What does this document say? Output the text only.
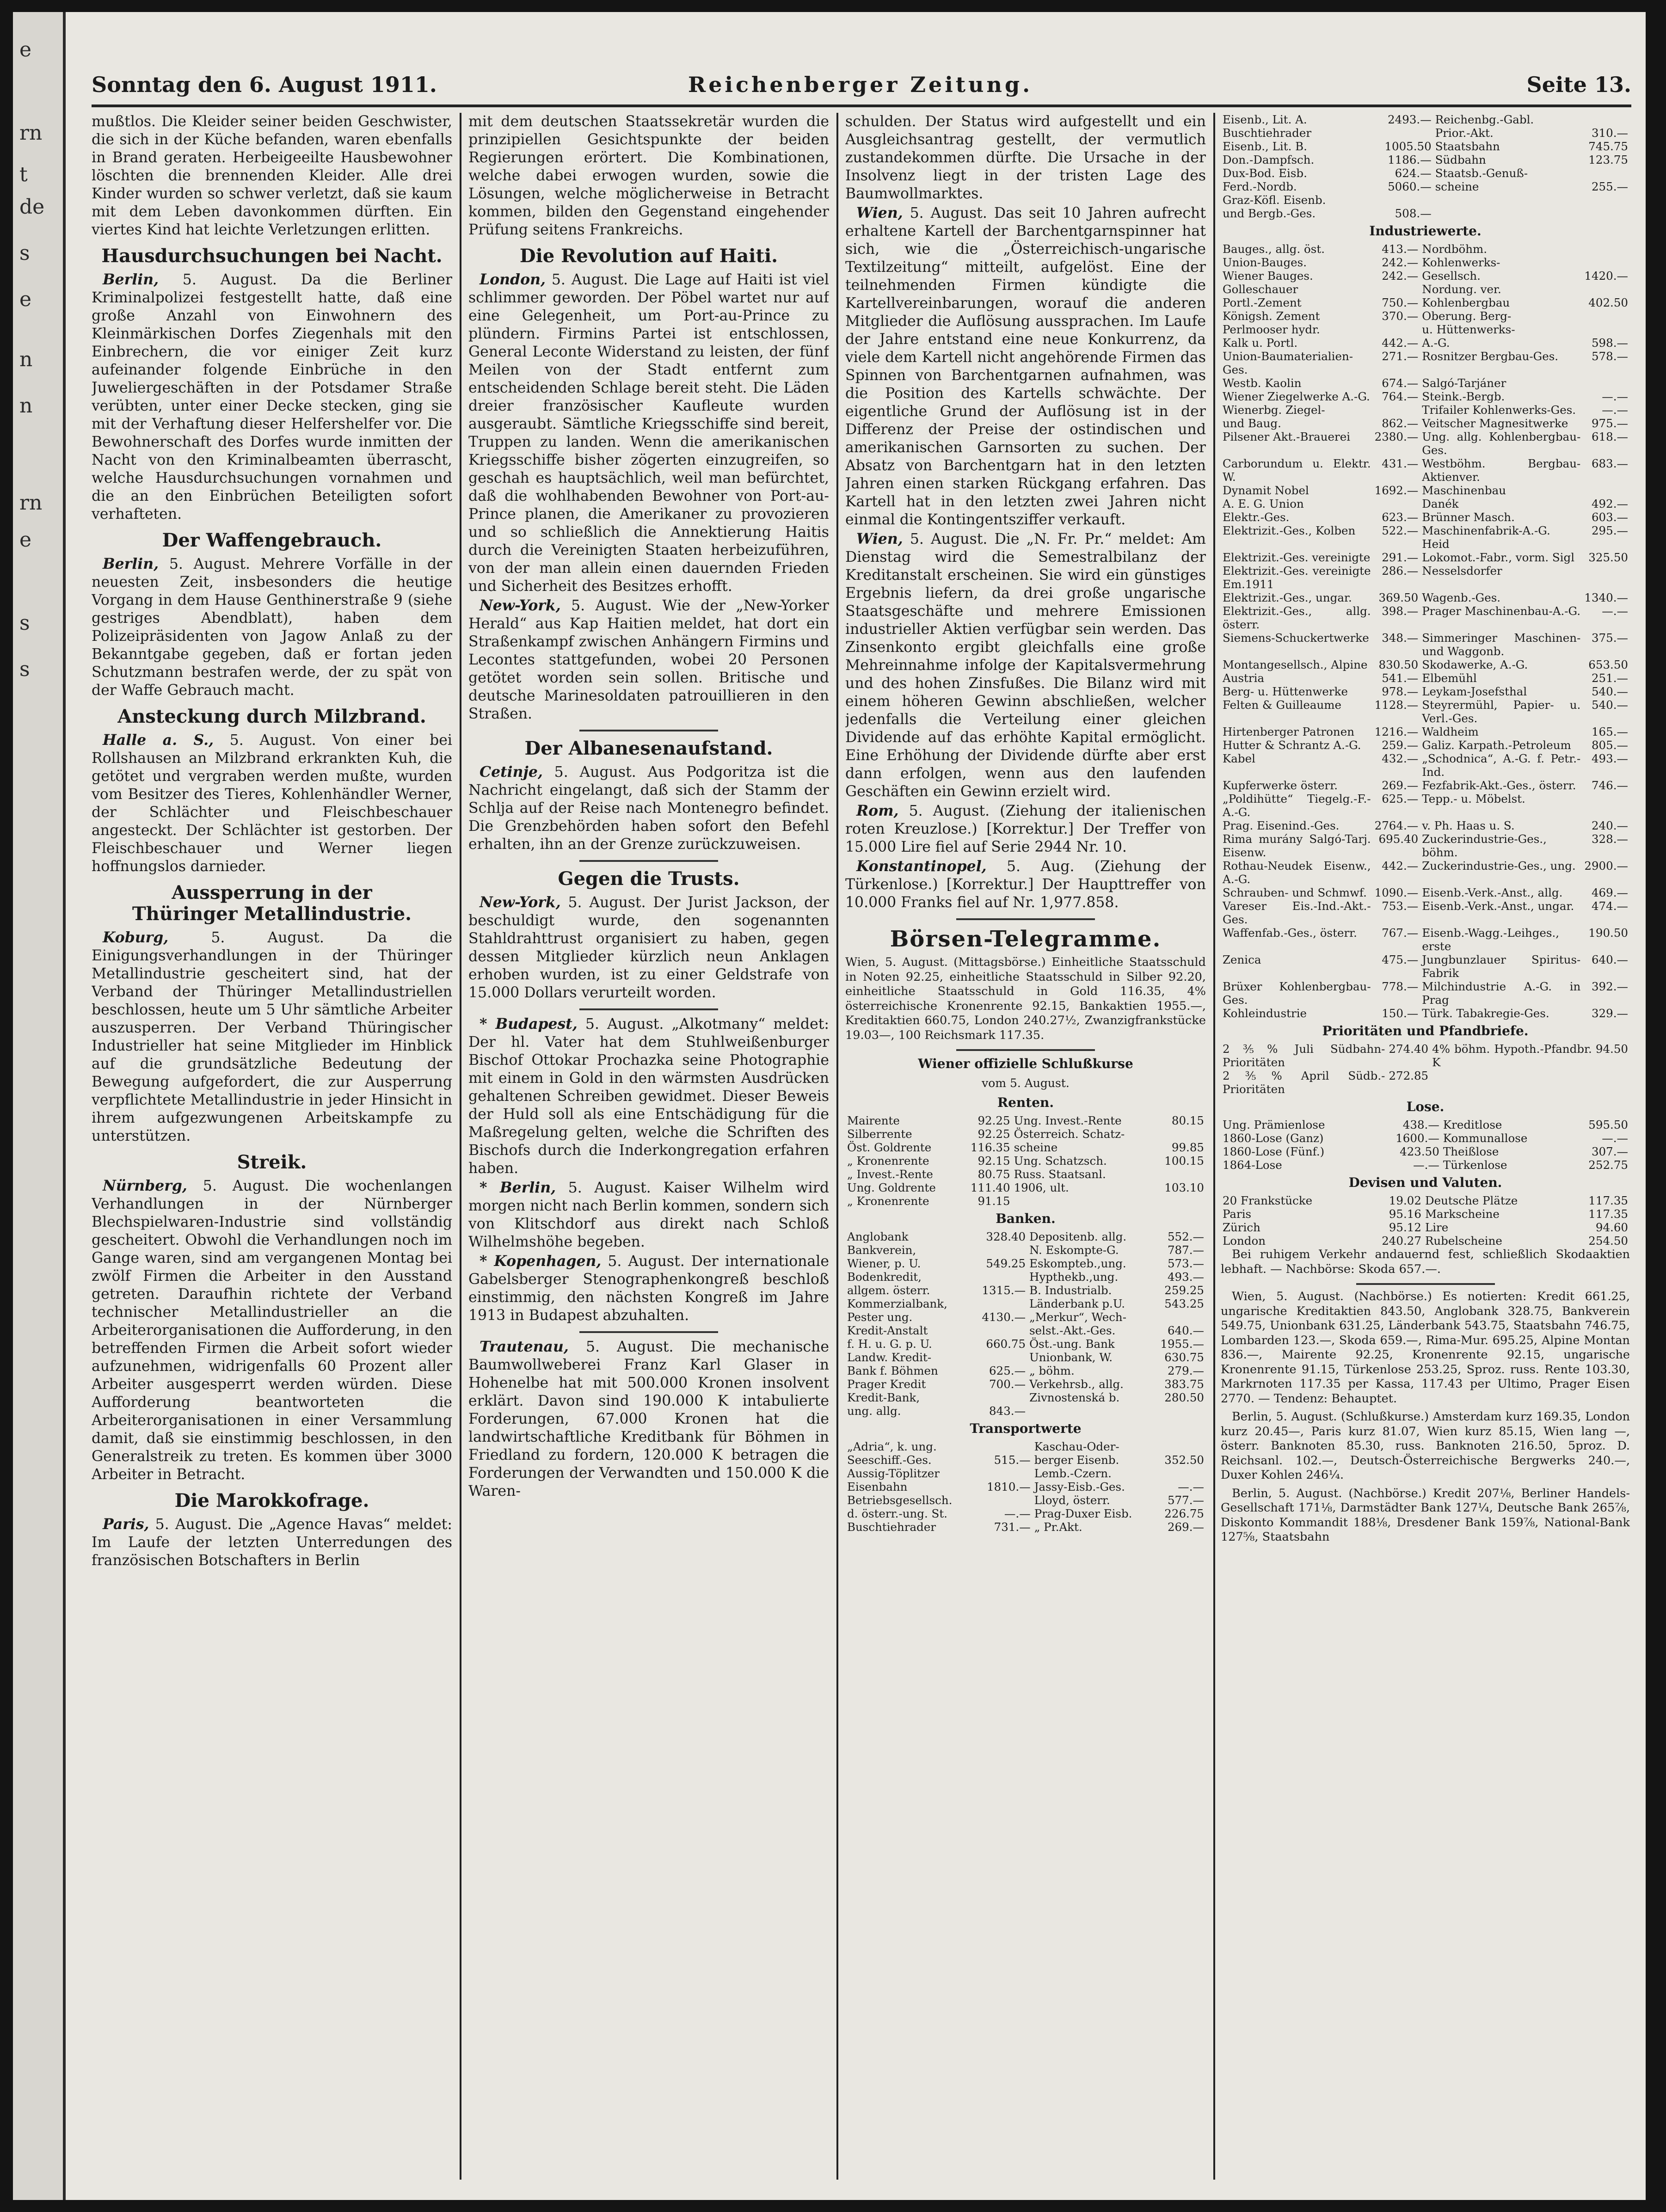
e
rn
t
de
s
e
rn
e
s
s
n
n
Sonntag den 6. August 1911.	Reichenberger Zeitung.	Seite 13.

mußtlos. Die Kleider seiner beiden Geschwister, die sich in der Küche befanden, waren ebenfalls in Brand geraten. Herbeigeeilte Hausbewohner löschten die brennenden Kleider. Alle drei Kinder wurden so schwer verletzt, daß sie kaum mit dem Leben davonkommen dürften. Ein viertes Kind hat leichte Verletzungen erlitten.

Hausdurchsuchungen bei Nacht.

Berlin, 5. August. Da die Berliner Kriminalpolizei festgestellt hatte, daß eine große Anzahl von Einwohnern des Kleinmärkischen Dorfes Ziegenhals mit den Einbrechern, die vor einiger Zeit kurz aufeinander folgende Einbrüche in den Juweliergeschäften in der Potsdamer Straße verübten, unter einer Decke stecken, ging sie mit der Verhaftung dieser Helfershelfer vor. Die Bewohnerschaft des Dorfes wurde inmitten der Nacht von den Kriminalbeamten überrascht, welche Hausdurchsuchungen vornahmen und die an den Einbrüchen Beteiligten sofort verhafteten.

Der Waffengebrauch.

Berlin, 5. August. Mehrere Vorfälle in der neuesten Zeit, insbesonders die heutige Vorgang in dem Hause Genthinerstraße 9 (siehe gestriges Abendblatt), haben dem Polizeipräsidenten von Jagow Anlaß zu der Bekanntgabe gegeben, daß er fortan jeden Schutzmann bestrafen werde, der zu spät von der Waffe Gebrauch macht.

Ansteckung durch Milzbrand.

Halle a. S., 5. August. Von einer bei Rollshausen an Milzbrand erkrankten Kuh, die getötet und vergraben werden mußte, wurden vom Besitzer des Tieres, Kohlenhändler Werner, der Schlächter und Fleischbeschauer angesteckt. Der Schlächter ist gestorben. Der Fleischbeschauer und Werner liegen hoffnungslos darnieder.

Aussperrung in der
Thüringer Metallindustrie.

Koburg, 5. August. Da die Einigungsverhandlungen in der Thüringer Metallindustrie gescheitert sind, hat der Verband der Thüringer Metallindustriellen beschlossen, heute um 5 Uhr sämtliche Arbeiter auszusperren. Der Verband Thüringischer Industrieller hat seine Mitglieder im Hinblick auf die grundsätzliche Bedeutung der Bewegung aufgefordert, die zur Ausperrung verpflichtete Metallindustrie in jeder Hinsicht in ihrem aufgezwungenen Arbeitskampfe zu unterstützen.

Streik.

Nürnberg, 5. August. Die wochenlangen Verhandlungen in der Nürnberger Blechspielwaren-Industrie sind vollständig gescheitert. Obwohl die Verhandlungen noch im Gange waren, sind am vergangenen Montag bei zwölf Firmen die Arbeiter in den Ausstand getreten. Daraufhin richtete der Verband technischer Metallindustrieller an die Arbeiterorganisationen die Aufforderung, in den betreffenden Firmen die Arbeit sofort wieder aufzunehmen, widrigenfalls 60 Prozent aller Arbeiter ausgesperrt werden würden. Diese Aufforderung beantworteten die Arbeiterorganisationen in einer Versammlung damit, daß sie einstimmig beschlossen, in den Generalstreik zu treten. Es kommen über 3000 Arbeiter in Betracht.

Die Marokkofrage.

Paris, 5. August. Die „Agence Havas“ meldet: Im Laufe der letzten Unterredungen des französischen Botschafters in Berlin

mit dem deutschen Staatssekretär wurden die prinzipiellen Gesichtspunkte der beiden Regierungen erörtert. Die Kombinationen, welche dabei erwogen wurden, sowie die Lösungen, welche möglicherweise in Betracht kommen, bilden den Gegenstand eingehender Prüfung seitens Frankreichs.

Die Revolution auf Haiti.

London, 5. August. Die Lage auf Haiti ist viel schlimmer geworden. Der Pöbel wartet nur auf eine Gelegenheit, um Port-au-Prince zu plündern. Firmins Partei ist entschlossen, General Leconte Widerstand zu leisten, der fünf Meilen von der Stadt entfernt zum entscheidenden Schlage bereit steht. Die Läden dreier französischer Kaufleute wurden ausgeraubt. Sämtliche Kriegsschiffe sind bereit, Truppen zu landen. Wenn die amerikanischen Kriegsschiffe bisher zögerten einzugreifen, so geschah es hauptsächlich, weil man befürchtet, daß die wohlhabenden Bewohner von Port-au-Prince planen, die Amerikaner zu provozieren und so schließlich die Annektierung Haitis durch die Vereinigten Staaten herbeizuführen, von der man allein einen dauernden Frieden und Sicherheit des Besitzes erhofft.

New-York, 5. August. Wie der „New-Yorker Herald“ aus Kap Haitien meldet, hat dort ein Straßenkampf zwischen Anhängern Firmins und Lecontes stattgefunden, wobei 20 Personen getötet worden sein sollen. Britische und deutsche Marinesoldaten patrouillieren in den Straßen.

Der Albanesenaufstand.

Cetinje, 5. August. Aus Podgoritza ist die Nachricht eingelangt, daß sich der Stamm der Schlja auf der Reise nach Montenegro befindet. Die Grenzbehörden haben sofort den Befehl erhalten, ihn an der Grenze zurückzuweisen.

Gegen die Trusts.

New-York, 5. August. Der Jurist Jackson, der beschuldigt wurde, den sogenannten Stahldrahttrust organisiert zu haben, gegen dessen Mitglieder kürzlich neun Anklagen erhoben wurden, ist zu einer Geldstrafe von 15.000 Dollars verurteilt worden.

* Budapest, 5. August. „Alkotmany“ meldet: Der hl. Vater hat dem Stuhlweißenburger Bischof Ottokar Prochazka seine Photographie mit einem in Gold in den wärmsten Ausdrücken gehaltenen Schreiben gewidmet. Dieser Beweis der Huld soll als eine Entschädigung für die Maßregelung gelten, welche die Schriften des Bischofs durch die Inderkongregation erfahren haben.

* Berlin, 5. August. Kaiser Wilhelm wird morgen nicht nach Berlin kommen, sondern sich von Klitschdorf aus direkt nach Schloß Wilhelmshöhe begeben.

* Kopenhagen, 5. August. Der internationale Gabelsberger Stenographenkongreß beschloß einstimmig, den nächsten Kongreß im Jahre 1913 in Budapest abzuhalten.

Trautenau, 5. August. Die mechanische Baumwollweberei Franz Karl Glaser in Hohenelbe hat mit 500.000 Kronen insolvent erklärt. Davon sind 190.000 K intabulierte Forderungen, 67.000 Kronen hat die landwirtschaftliche Kreditbank für Böhmen in Friedland zu fordern, 120.000 K betragen die Forderungen der Verwandten und 150.000 K die Waren-

schulden. Der Status wird aufgestellt und ein Ausgleichsantrag gestellt, der vermutlich zustandekommen dürfte. Die Ursache in der Insolvenz liegt in der tristen Lage des Baumwollmarktes.

Wien, 5. August. Das seit 10 Jahren aufrecht erhaltene Kartell der Barchentgarnspinner hat sich, wie die „Österreichisch-ungarische Textilzeitung“ mitteilt, aufgelöst. Eine der teilnehmenden Firmen kündigte die Kartellvereinbarungen, worauf die anderen Mitglieder die Auflösung aussprachen. Im Laufe der Jahre entstand eine neue Konkurrenz, da viele dem Kartell nicht angehörende Firmen das Spinnen von Barchentgarnen aufnahmen, was die Position des Kartells schwächte. Der eigentliche Grund der Auflösung ist in der Differenz der Preise der ostindischen und amerikanischen Garnsorten zu suchen. Der Absatz von Barchentgarn hat in den letzten Jahren einen starken Rückgang erfahren. Das Kartell hat in den letzten zwei Jahren nicht einmal die Kontingentsziffer verkauft.

Wien, 5. August. Die „N. Fr. Pr.“ meldet: Am Dienstag wird die Semestralbilanz der Kreditanstalt erscheinen. Sie wird ein günstiges Ergebnis liefern, da drei große ungarische Staatsgeschäfte und mehrere Emissionen industrieller Aktien verfügbar sein werden. Das Zinsenkonto ergibt gleichfalls eine große Mehreinnahme infolge der Kapitalsvermehrung und des hohen Zinsfußes. Die Bilanz wird mit einem höheren Gewinn abschließen, welcher jedenfalls die Verteilung einer gleichen Dividende auf das erhöhte Kapital ermöglicht. Eine Erhöhung der Dividende dürfte aber erst dann erfolgen, wenn aus den laufenden Geschäften ein Gewinn erzielt wird.

Rom, 5. August. (Ziehung der italienischen roten Kreuzlose.) [Korrektur.] Der Treffer von 15.000 Lire fiel auf Serie 2944 Nr. 10.

Konstantinopel, 5. Aug. (Ziehung der Türkenlose.) [Korrektur.] Der Haupttreffer von 10.000 Franks fiel auf Nr. 1,977.858.

Börsen-Telegramme.

Wien, 5. August. (Mittagsbörse.) Einheitliche Staatsschuld in Noten 92.25, einheitliche Staatsschuld in Silber 92.20, einheitliche Staatsschuld in Gold 116.35, 4% österreichische Kronenrente 92.15, Bankaktien 1955.—, Kreditaktien 660.75, London 240.27½, Zwanzigfrankstücke 19.03—, 100 Reichsmark 117.35.

Wiener offizielle Schlußkurse
vom 5. August.
Renten.
Mairente	92.25	Ung. Invest.-Rente	80.15
Silberrente	92.25	Österreich. Schatz-	
Öst. Goldrente	116.35	scheine	99.85
„ Kronenrente	92.15	Ung. Schatzsch.	100.15
„ Invest.-Rente	80.75	Russ. Staatsanl.	
Ung. Goldrente	111.40	1906, ult.	103.10
„ Kronenrente	91.15		
Banken.
Anglobank	328.40	Depositenb. allg.	552.—
Bankverein,		N. Eskompte-G.	787.—
Wiener, p. U.	549.25	Eskompteb.,ung.	573.—
Bodenkredit,		Hypthekb.,ung.	493.—
allgem. österr.	1315.—	B. Industrialb.	259.25
Kommerzialbank,		Länderbank p.U.	543.25
Pester ung.	4130.—	„Merkur“, Wech-	
Kredit-Anstalt		selst.-Akt.-Ges.	640.—
f. H. u. G. p. U.	660.75	Öst.-ung. Bank	1955.—
Landw. Kredit-		Unionbank, W.	630.75
Bank f. Böhmen	625.—	„ böhm.	279.—
Prager Kredit	700.—	Verkehrsb., allg.	383.75
Kredit-Bank,		Zivnostenská b.	280.50
ung. allg.	843.—		
Transportwerte
„Adria“, k. ung.		Kaschau-Oder-	
Seeschiff.-Ges.	515.—	berger Eisenb.	352.50
Aussig-Töplitzer		Lemb.-Czern.	
Eisenbahn	1810.—	Jassy-Eisb.-Ges.	—.—
Betriebsgesellsch.		Lloyd, österr.	577.—
d. österr.-ung. St.	—.—	Prag-Duxer Eisb.	226.75
Buschtiehrader	731.—	„ Pr.Akt.	269.—
Eisenb., Lit. A.	2493.—	Reichenbg.-Gabl.	
Buschtiehrader		Prior.-Akt.	310.—
Eisenb., Lit. B.	1005.50	Staatsbahn	745.75
Don.-Dampfsch.	1186.—	Südbahn	123.75
Dux-Bod. Eisb.	624.—	Staatsb.-Genuß-	
Ferd.-Nordb.	5060.—	scheine	255.—
Graz-Köfl. Eisenb.			
und Bergb.-Ges.	508.—		
Industriewerte.
Bauges., allg. öst.	413.—	Nordböhm.	
Union-Bauges.	242.—	Kohlenwerks-	
Wiener Bauges.	242.—	Gesellsch.	1420.—
Golleschauer		Nordung. ver.	
Portl.-Zement	750.—	Kohlenbergbau	402.50
Königsh. Zement	370.—	Oberung. Berg-	
Perlmooser hydr.		u. Hüttenwerks-	
Kalk u. Portl.	442.—	A.-G.	598.—
Union-Baumaterialien-Ges.	271.—	Rosnitzer Bergbau-Ges.	578.—
Westb. Kaolin	674.—	Salgó-Tarjáner	
Wiener Ziegelwerke A.-G.	764.—	Steink.-Bergb.	—.—
Wienerbg. Ziegel-		Trifailer Kohlenwerks-Ges.	—.—
und Baug.	862.—	Veitscher Magnesitwerke	975.—
Pilsener Akt.-Brauerei	2380.—	Ung. allg. Kohlenbergbau-Ges.	618.—
Carborundum u. Elektr. W.	431.—	Westböhm. Bergbau-Aktienver.	683.—
Dynamit Nobel	1692.—	Maschinenbau	
A. E. G. Union		Danék	492.—
Elektr.-Ges.	623.—	Brünner Masch.	603.—
Elektrizit.-Ges., Kolben	522.—	Maschinenfabrik-A.-G. Heid	295.—
Elektrizit.-Ges. vereinigte	291.—	Lokomot.-Fabr., vorm. Sigl	325.50
Elektrizit.-Ges. vereinigte Em.1911	286.—	Nesselsdorfer	
Elektrizit.-Ges., ungar.	369.50	Wagenb.-Ges.	1340.—
Elektrizit.-Ges., allg. österr.	398.—	Prager Maschinenbau-A.-G.	—.—
Siemens-Schuckertwerke	348.—	Simmeringer Maschinen- und Waggonb.	375.—
Montangesellsch., Alpine	830.50	Skodawerke, A.-G.	653.50
Austria	541.—	Elbemühl	251.—
Berg- u. Hüttenwerke	978.—	Leykam-Josefsthal	540.—
Felten & Guilleaume	1128.—	Steyrermühl, Papier- u. Verl.-Ges.	540.—
Hirtenberger Patronen	1216.—	Waldheim	165.—
Hutter & Schrantz A.-G.	259.—	Galiz. Karpath.-Petroleum	805.—
Kabel	432.—	„Schodnica“, A.-G. f. Petr.-Ind.	493.—
Kupferwerke österr.	269.—	Fezfabrik-Akt.-Ges., österr.	746.—
„Poldihütte“ Tiegelg.-F.-A.-G.	625.—	Tepp.- u. Möbelst.	
Prag. Eisenind.-Ges.	2764.—	v. Ph. Haas u. S.	240.—
Rima murány Salgó-Tarj. Eisenw.	695.40	Zuckerindustrie-Ges., böhm.	328.—
Rothau-Neudek Eisenw., A.-G.	442.—	Zuckerindustrie-Ges., ung.	2900.—
Schrauben- und Schmwf.	1090.—	Eisenb.-Verk.-Anst., allg.	469.—
Vareser Eis.-Ind.-Akt.-Ges.	753.—	Eisenb.-Verk.-Anst., ungar.	474.—
Waffenfab.-Ges., österr.	767.—	Eisenb.-Wagg.-Leihges., erste	190.50
Zenica	475.—	Jungbunzlauer Spiritus-Fabrik	640.—
Brüxer Kohlenbergbau-Ges.	778.—	Milchindustrie A.-G. in Prag	392.—
Kohleindustrie	150.—	Türk. Tabakregie-Ges.	329.—
Prioritäten und Pfandbriefe.
2⅗% Juli Südbahn-Prioritäten	274.40	4% böhm. Hypoth.-Pfandbr. K	94.50
2⅗% April Südb.-Prioritäten	272.85		
Lose.
Ung. Prämienlose	438.—	Kreditlose	595.50
1860-Lose (Ganz)	1600.—	Kommunallose	—.—
1860-Lose (Fünf.)	423.50	Theißlose	307.—
1864-Lose	—.—	Türkenlose	252.75
Devisen und Valuten.
20 Frankstücke	19.02	Deutsche Plätze	117.35
Paris	95.16	Markscheine	117.35
Zürich	95.12	Lire	94.60
London	240.27	Rubelscheine	254.50

Bei ruhigem Verkehr andauernd fest, schließlich Skodaaktien lebhaft. — Nachbörse: Skoda 657.—.

Wien, 5. August. (Nachbörse.) Es notierten: Kredit 661.25, ungarische Kreditaktien 843.50, Anglobank 328.75, Bankverein 549.75, Unionbank 631.25, Länderbank 543.75, Staatsbahn 746.75, Lombarden 123.—, Skoda 659.—, Rima-Mur. 695.25, Alpine Montan 836.—, Mairente 92.25, Kronenrente 92.15, ungarische Kronenrente 91.15, Türkenlose 253.25, Sproz. russ. Rente 103.30, Markrnoten 117.35 per Kassa, 117.43 per Ultimo, Prager Eisen 2770. — Tendenz: Behauptet.

Berlin, 5. August. (Schlußkurse.) Amsterdam kurz 169.35, London kurz 20.45—, Paris kurz 81.07, Wien kurz 85.15, Wien lang —, österr. Banknoten 85.30, russ. Banknoten 216.50, 5proz. D. Reichsanl. 102.—, Deutsch-Österreichische Bergwerks 240.—, Duxer Kohlen 246¼.

Berlin, 5. August. (Nachbörse.) Kredit 207⅛, Berliner Handels-Gesellschaft 171⅛, Darmstädter Bank 127¼, Deutsche Bank 265⅞, Diskonto Kommandit 188⅛, Dresdener Bank 159⅞, National-Bank 127⅝, Staatsbahn
